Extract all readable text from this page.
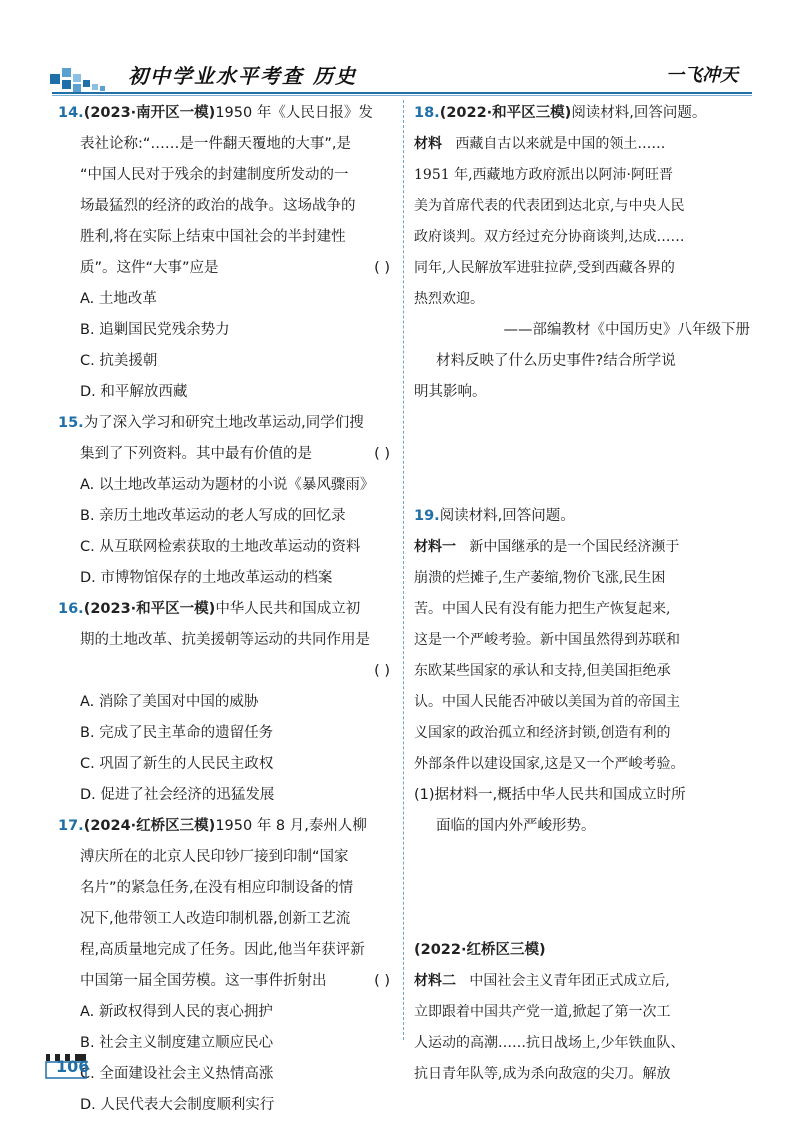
初中学业水平考查 历史	一飞冲天
14.(2023·南开区一模)1950 年《人民日报》发
表社论称:“……是一件翻天覆地的大事”,是
“中国人民对于残余的封建制度所发动的一
场最猛烈的经济的政治的战争。这场战争的
胜利,将在实际上结束中国社会的半封建性
质”。这件“大事”应是	( )
A. 土地改革
B. 追剿国民党残余势力
C. 抗美援朝
D. 和平解放西藏
15.为了深入学习和研究土地改革运动,同学们搜
集到了下列资料。其中最有价值的是	( )
A. 以土地改革运动为题材的小说《暴风骤雨》
B. 亲历土地改革运动的老人写成的回忆录
C. 从互联网检索获取的土地改革运动的资料
D. 市博物馆保存的土地改革运动的档案
16.(2023·和平区一模)中华人民共和国成立初
期的土地改革、抗美援朝等运动的共同作用是
( )
A. 消除了美国对中国的威胁
B. 完成了民主革命的遗留任务
C. 巩固了新生的人民民主政权
D. 促进了社会经济的迅猛发展
17.(2024·红桥区三模)1950 年 8 月,泰州人柳
溥庆所在的北京人民印钞厂接到印制“国家
名片”的紧急任务,在没有相应印制设备的情
况下,他带领工人改造印制机器,创新工艺流
程,高质量地完成了任务。因此,他当年获评新
中国第一届全国劳模。这一事件折射出	( )
A. 新政权得到人民的衷心拥护
B. 社会主义制度建立顺应民心
C. 全面建设社会主义热情高涨
D. 人民代表大会制度顺利实行
18.(2022·和平区三模)阅读材料,回答问题。
材料 西藏自古以来就是中国的领土……
1951 年,西藏地方政府派出以阿沛·阿旺晋
美为首席代表的代表团到达北京,与中央人民
政府谈判。双方经过充分协商谈判,达成……
同年,人民解放军进驻拉萨,受到西藏各界的
热烈欢迎。
——部编教材《中国历史》八年级下册
材料反映了什么历史事件?结合所学说
明其影响。
19.阅读材料,回答问题。
材料一 新中国继承的是一个国民经济濒于
崩溃的烂摊子,生产萎缩,物价飞涨,民生困
苦。中国人民有没有能力把生产恢复起来,
这是一个严峻考验。新中国虽然得到苏联和
东欧某些国家的承认和支持,但美国拒绝承
认。中国人民能否冲破以美国为首的帝国主
义国家的政治孤立和经济封锁,创造有利的
外部条件以建设国家,这是又一个严峻考验。
(1)据材料一,概括中华人民共和国成立时所
面临的国内外严峻形势。
(2022·红桥区三模)
材料二 中国社会主义青年团正式成立后,
立即跟着中国共产党一道,掀起了第一次工
人运动的高潮……抗日战场上,少年铁血队、
抗日青年队等,成为杀向敌寇的尖刀。解放
106
